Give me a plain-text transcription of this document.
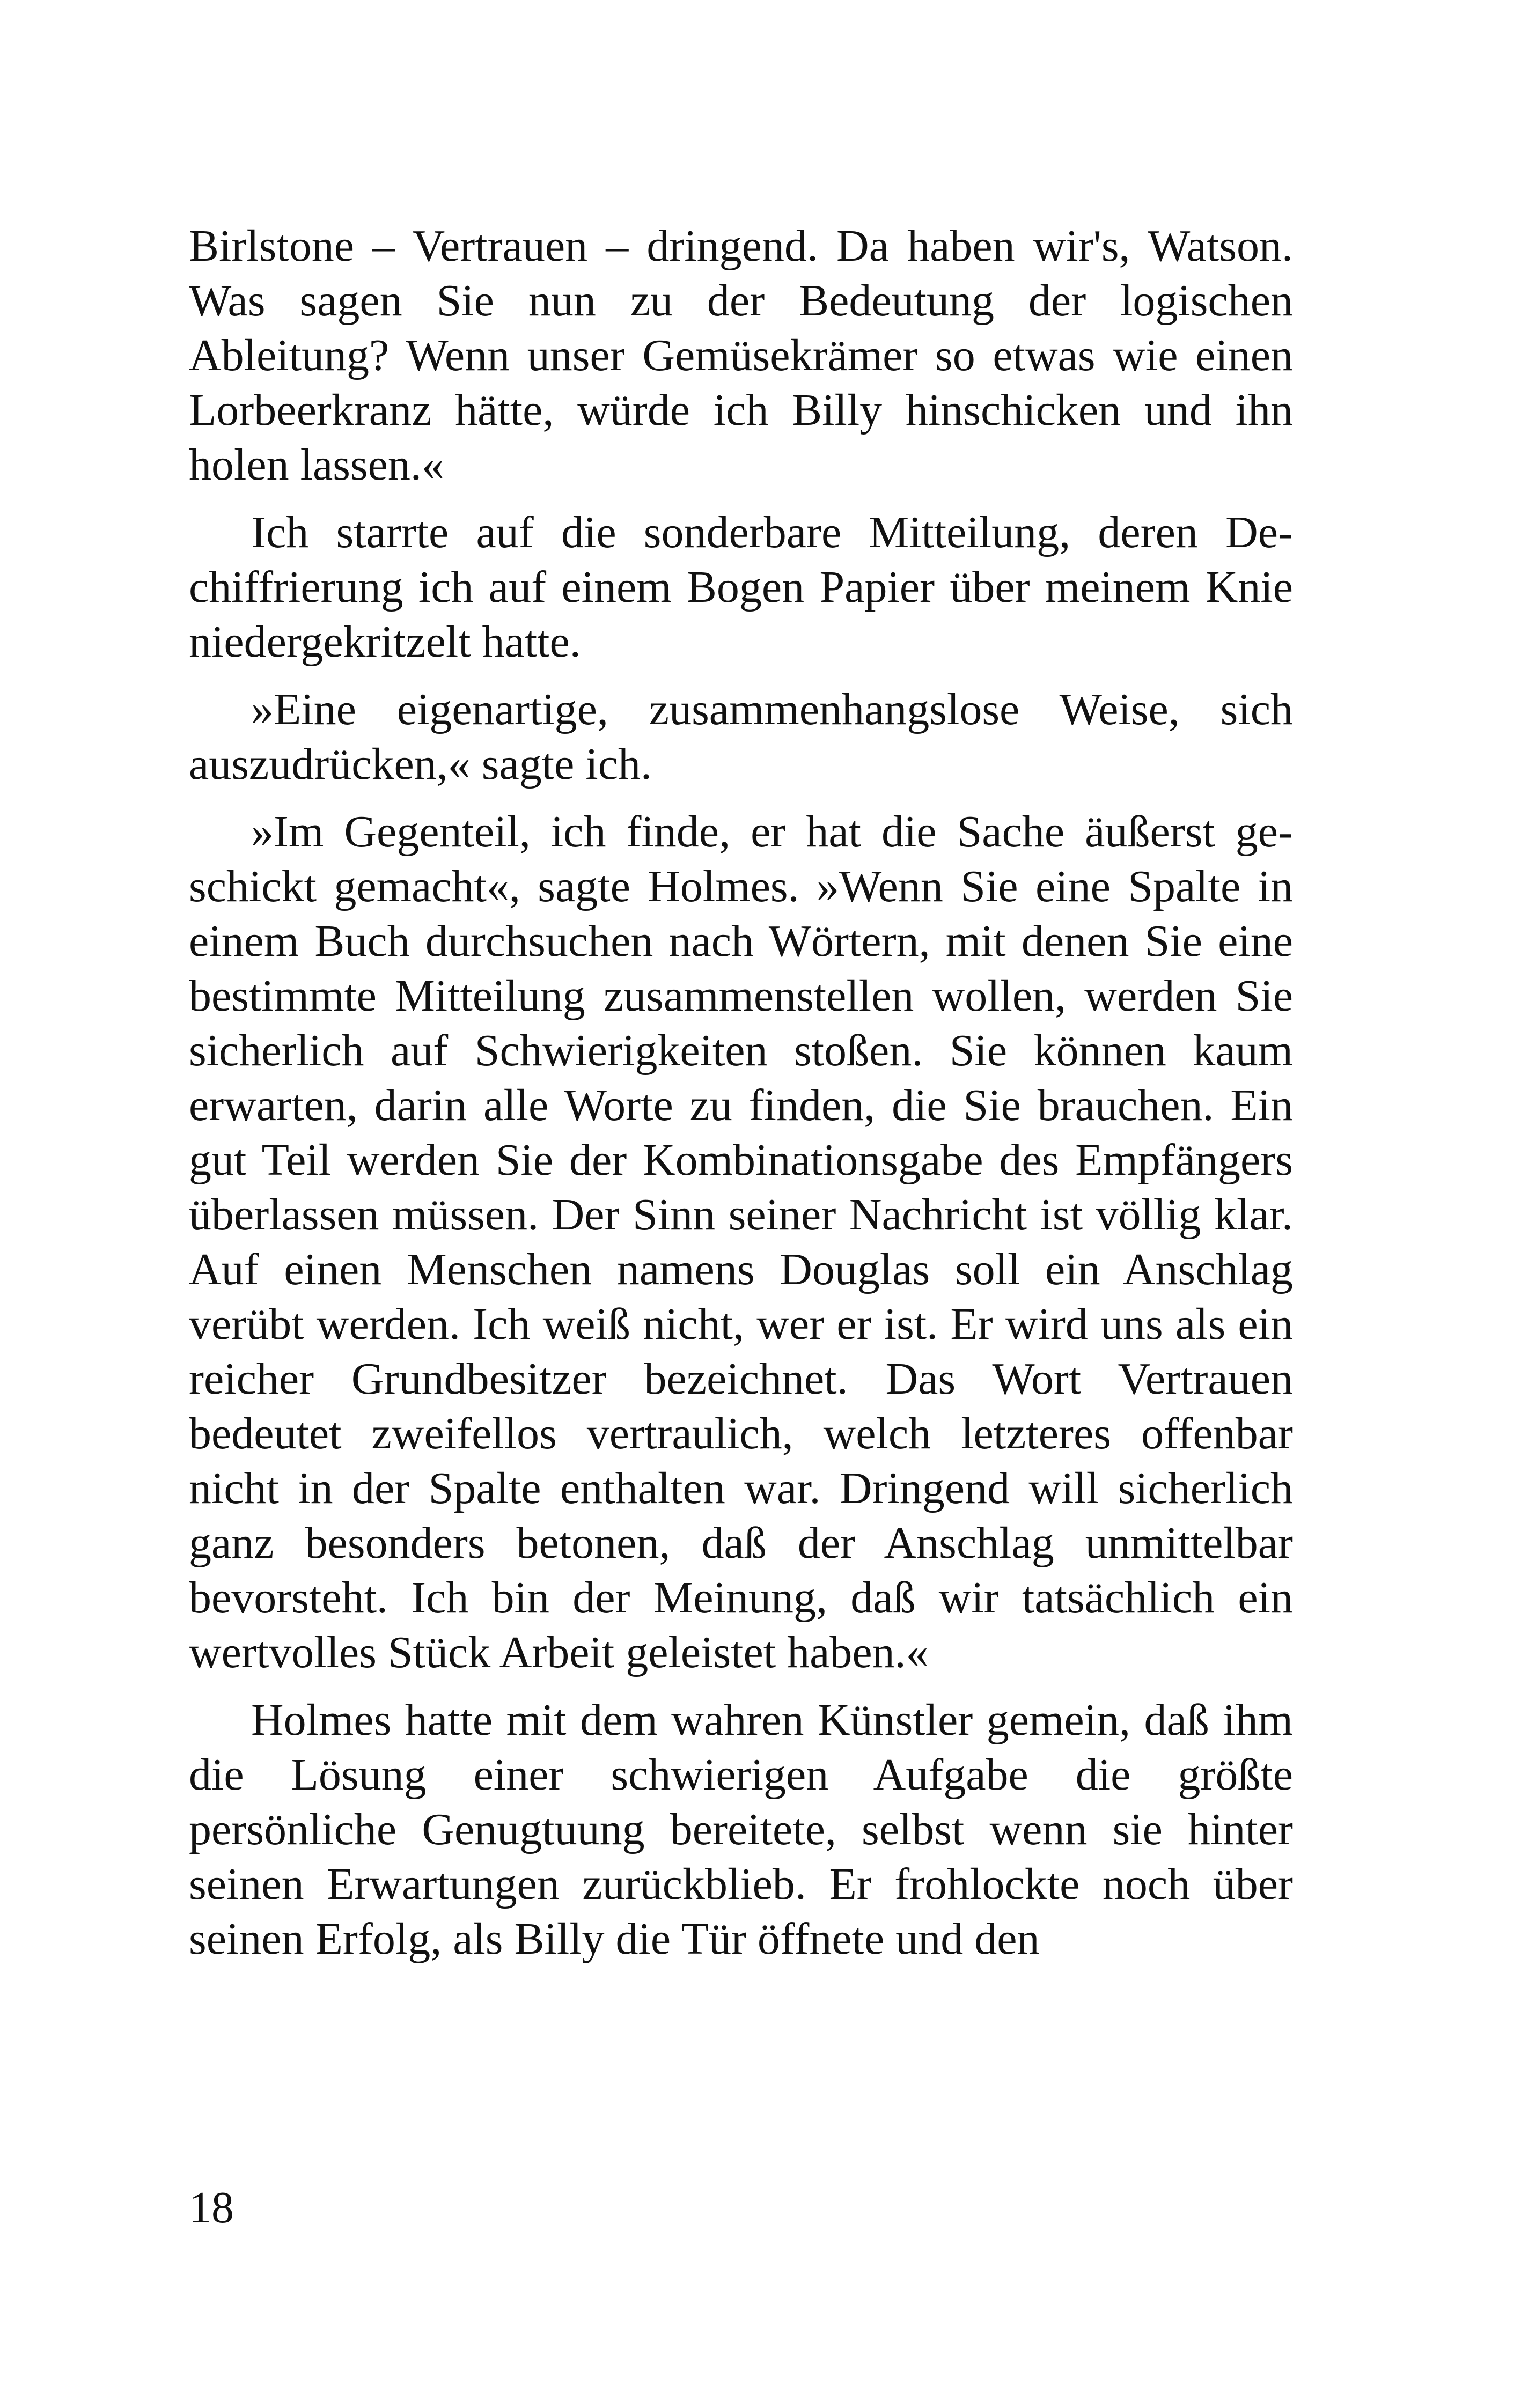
Birlstone – Vertrauen – dringend. Da haben wir's, Watson. Was sagen Sie nun zu der Bedeutung der logischen Ableitung? Wenn unser Gemüsekrämer so etwas wie einen Lorbeerkranz hätte, würde ich Billy hinschicken und ihn holen lassen.«

Ich starrte auf die sonderbare Mitteilung, deren Dechiffrierung ich auf einem Bogen Papier über meinem Knie niedergekritzelt hatte.

»Eine eigenartige, zusammenhangslose Weise, sich auszudrücken,« sagte ich.

»Im Gegenteil, ich finde, er hat die Sache äußerst geschickt gemacht«, sagte Holmes. »Wenn Sie eine Spalte in einem Buch durchsuchen nach Wörtern, mit denen Sie eine bestimmte Mitteilung zusammenstellen wollen, werden Sie sicherlich auf Schwierigkeiten stoßen. Sie können kaum erwarten, darin alle Worte zu finden, die Sie brauchen. Ein gut Teil werden Sie der Kombinationsgabe des Empfängers überlassen müssen. Der Sinn seiner Nachricht ist völlig klar. Auf einen Menschen namens Douglas soll ein Anschlag verübt werden. Ich weiß nicht, wer er ist. Er wird uns als ein reicher Grundbesitzer bezeichnet. Das Wort Vertrauen bedeutet zweifellos vertraulich, welch letzteres offenbar nicht in der Spalte enthalten war. Dringend will sicherlich ganz besonders betonen, daß der Anschlag unmittelbar bevorsteht. Ich bin der Meinung, daß wir tatsächlich ein wertvolles Stück Arbeit geleistet haben.«

Holmes hatte mit dem wahren Künstler gemein, daß ihm die Lösung einer schwierigen Aufgabe die größte persönliche Genugtuung bereitete, selbst wenn sie hinter seinen Erwartungen zurückblieb. Er frohlockte noch über seinen Erfolg, als Billy die Tür öffnete und den

18
